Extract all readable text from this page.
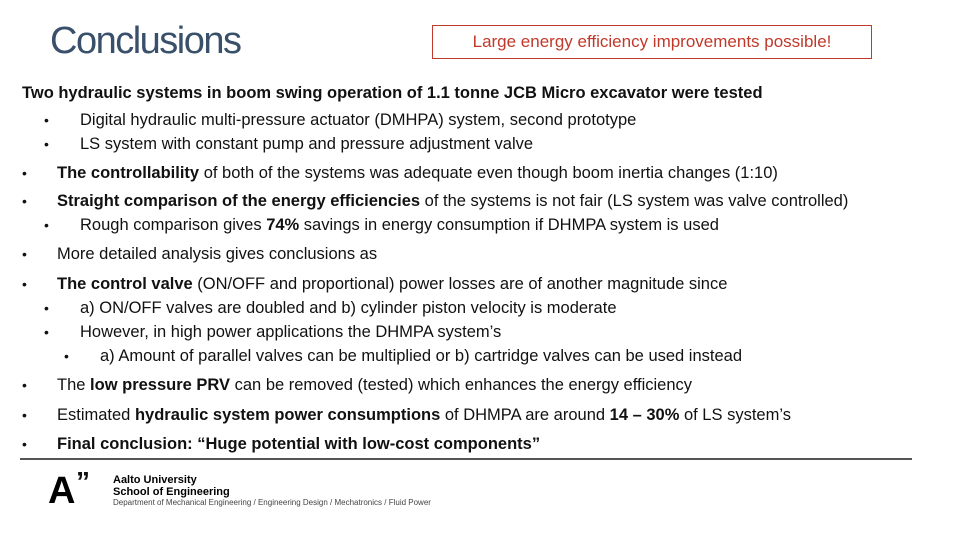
Conclusions	Large energy efficiency improvements possible!
Two hydraulic systems in boom swing operation of 1.1 tonne JCB Micro excavator were tested
• Digital hydraulic multi-pressure actuator (DMHPA) system, second prototype
• LS system with constant pump and pressure adjustment valve
• The controllability of both of the systems was adequate even though boom inertia changes (1:10)
• Straight comparison of the energy efficiencies of the systems is not fair (LS system was valve controlled)
• Rough comparison gives 74% savings in energy consumption if DHMPA system is used
• More detailed analysis gives conclusions as
• The control valve (ON/OFF and proportional) power losses are of another magnitude since
• a) ON/OFF valves are doubled and b) cylinder piston velocity is moderate
• However, in high power applications the DHMPA system’s
• a) Amount of parallel valves can be multiplied or b) cartridge valves can be used instead
• The low pressure PRV can be removed (tested) which enhances the energy efficiency
• Estimated hydraulic system power consumptions of DHMPA are around 14 – 30% of LS system’s
• Final conclusion: “Huge potential with low-cost components”
A ” Aalto University
School of Engineering
Department of Mechanical Engineering / Engineering Design / Mechatronics / Fluid Power
